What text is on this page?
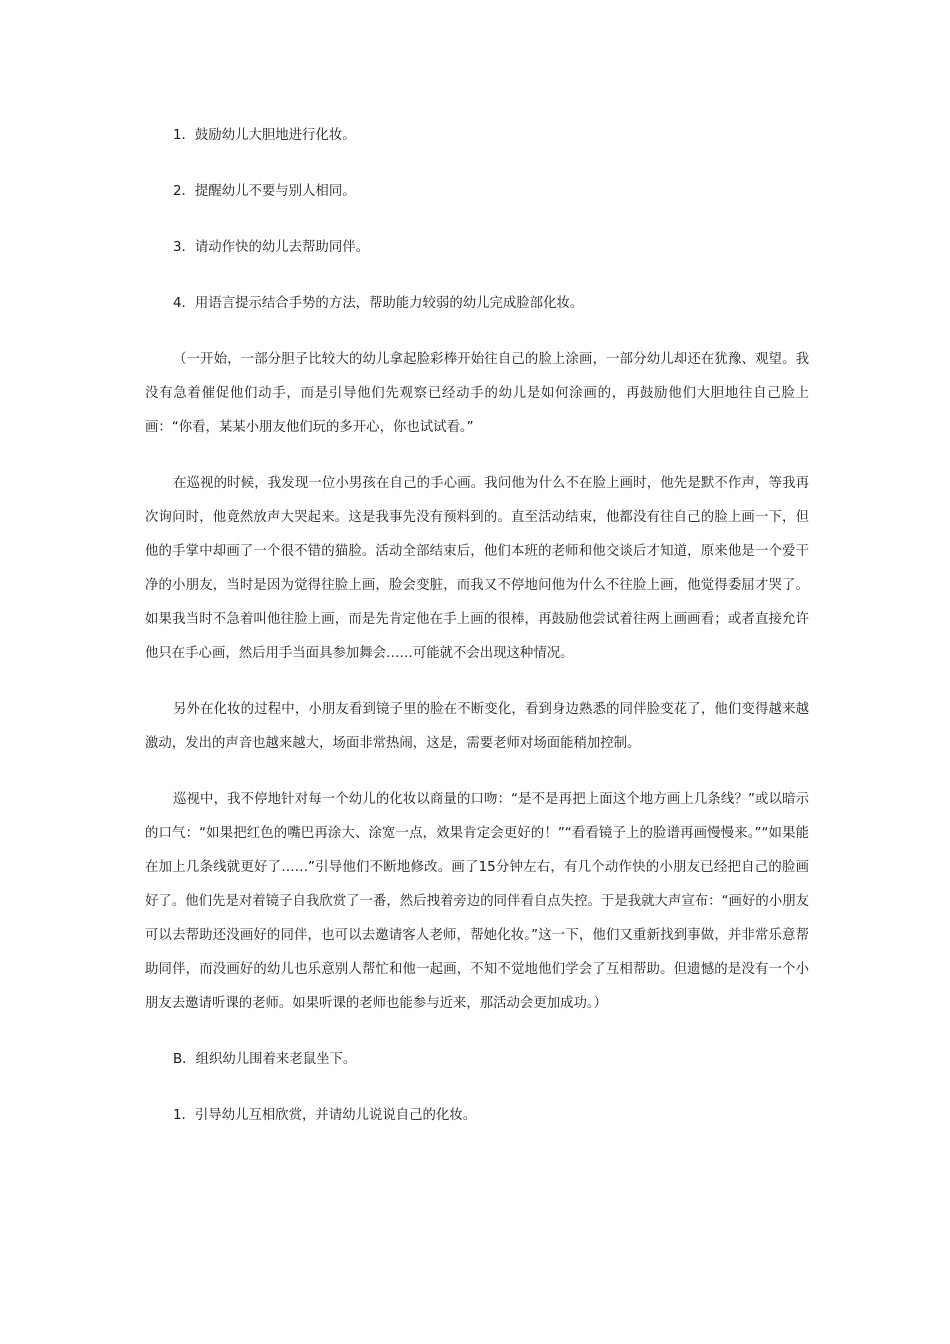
1．鼓励幼儿大胆地进行化妆。

2．提醒幼儿不要与别人相同。

3．请动作快的幼儿去帮助同伴。

4．用语言提示结合手势的方法，帮助能力较弱的幼儿完成脸部化妆。

（一开始，一部分胆子比较大的幼儿拿起脸彩棒开始往自己的脸上涂画，一部分幼儿却还在犹豫、观望。我没有急着催促他们动手，而是引导他们先观察已经动手的幼儿是如何涂画的，再鼓励他们大胆地往自己脸上画：“你看，某某小朋友他们玩的多开心，你也试试看。”

在巡视的时候，我发现一位小男孩在自己的手心画。我问他为什么不在脸上画时，他先是默不作声，等我再次询问时，他竟然放声大哭起来。这是我事先没有预料到的。直至活动结束，他都没有往自己的脸上画一下，但他的手掌中却画了一个很不错的猫脸。活动全部结束后，他们本班的老师和他交谈后才知道，原来他是一个爱干净的小朋友，当时是因为觉得往脸上画，脸会变脏，而我又不停地问他为什么不往脸上画，他觉得委屈才哭了。如果我当时不急着叫他往脸上画，而是先肯定他在手上画的很棒，再鼓励他尝试着往两上画画看；或者直接允许他只在手心画，然后用手当面具参加舞会……可能就不会出现这种情况。

另外在化妆的过程中，小朋友看到镜子里的脸在不断变化，看到身边熟悉的同伴脸变花了，他们变得越来越激动，发出的声音也越来越大，场面非常热闹，这是，需要老师对场面能稍加控制。

巡视中，我不停地针对每一个幼儿的化妆以商量的口吻：“是不是再把上面这个地方画上几条线？”或以暗示的口气：“如果把红色的嘴巴再涂大、涂宽一点，效果肯定会更好的！”“看看镜子上的脸谱再画慢慢来。”“如果能在加上几条线就更好了……”引导他们不断地修改。画了15分钟左右，有几个动作快的小朋友已经把自己的脸画好了。他们先是对着镜子自我欣赏了一番，然后拽着旁边的同伴看自点失控。于是我就大声宣布：“画好的小朋友可以去帮助还没画好的同伴，也可以去邀请客人老师，帮她化妆。”这一下，他们又重新找到事做，并非常乐意帮助同伴，而没画好的幼儿也乐意别人帮忙和他一起画，不知不觉地他们学会了互相帮助。但遗憾的是没有一个小朋友去邀请听课的老师。如果听课的老师也能参与近来，那活动会更加成功。）

B．组织幼儿围着来老鼠坐下。

1．引导幼儿互相欣赏，并请幼儿说说自己的化妆。
